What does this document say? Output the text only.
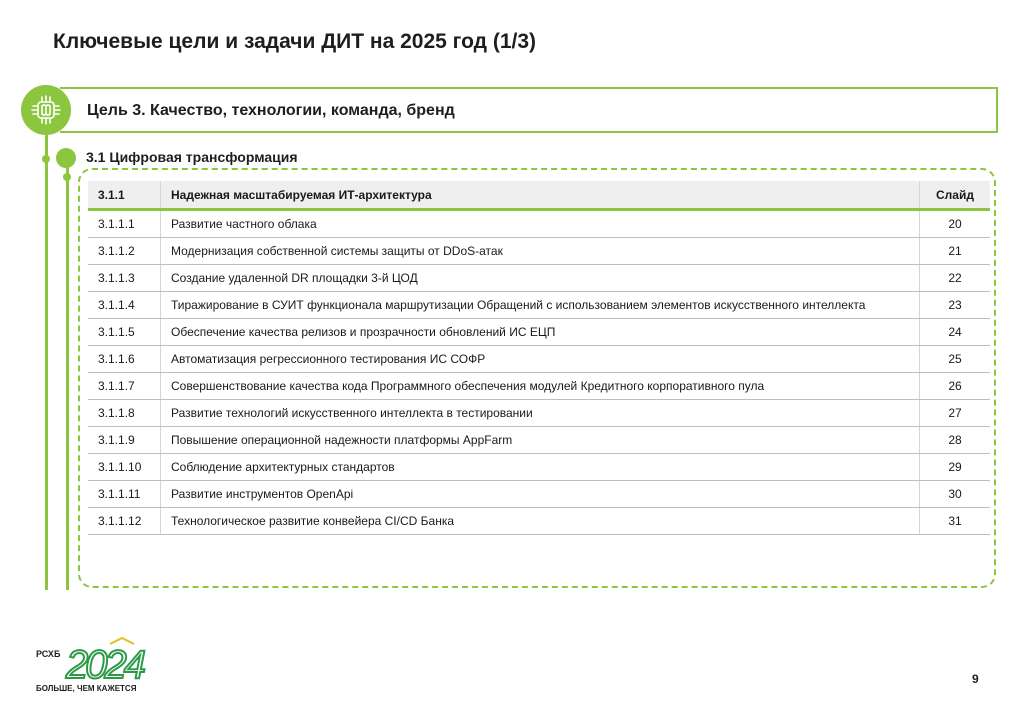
Ключевые цели и задачи ДИТ на 2025 год (1/3)
Цель 3. Качество, технологии, команда, бренд
3.1 Цифровая трансформация
3.1.1	Надежная масштабируемая ИТ-архитектура	Слайд
3.1.1.1	Развитие частного облака	20
3.1.1.2	Модернизация собственной системы защиты от DDoS-атак	21
3.1.1.3	Создание удаленной DR площадки 3-й ЦОД	22
3.1.1.4	Тиражирование в СУИТ функционала маршрутизации Обращений с использованием элементов искусственного интеллекта	23
3.1.1.5	Обеспечение качества релизов и прозрачности обновлений ИС ЕЦП	24
3.1.1.6	Автоматизация регрессионного тестирования ИС СОФР	25
3.1.1.7	Совершенствование качества кода Программного обеспечения модулей Кредитного корпоративного пула	26
3.1.1.8	Развитие технологий искусственного интеллекта в тестировании	27
3.1.1.9	Повышение операционной надежности платформы AppFarm	28
3.1.1.10	Соблюдение архитектурных стандартов	29
3.1.1.11	Развитие инструментов OpenApi	30
3.1.1.12	Технологическое развитие конвейера CI/CD Банка	31
РСХБ 2024
БОЛЬШЕ, ЧЕМ КАЖЕТСЯ
9
